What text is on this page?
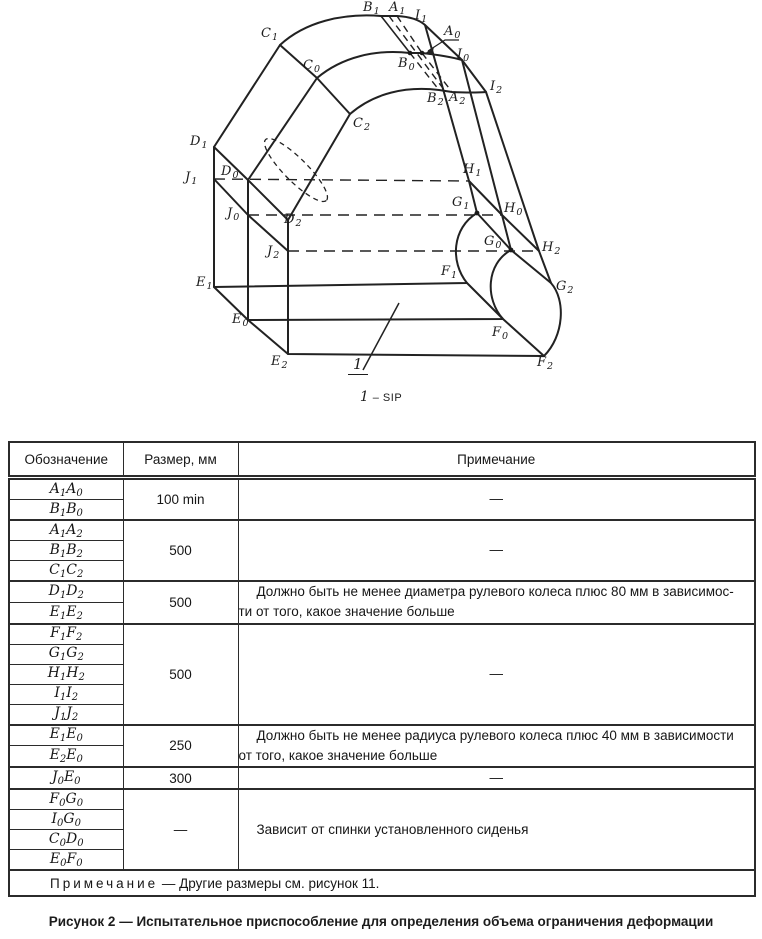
$B_1$ $A_1$ $I_1$
$A_0$
$C_1$
$I_0$
$B_0$
$C_0$
$I_2$
$B_2$ $A_2$
$C_2$
$D_1$
$H_1$
$D_0$
$J_1$
$G_1$	$H_0$
$J_0$	$D_2$
$G_0$	$H_2$
$J_2$
$F_1$
$E_1$	$G_2$
$E_0$
$F_0$
$E_2$	$F_2$
1
1 – SIP
Обозначение	Размер, мм	Примечание
$A_1A_0$	100 min	—
$B_1B_0$
$A_1A_2$	500	—
$B_1B_2$
$C_1C_2$
$D_1D_2$	500	Должно быть не менее диаметра рулевого колеса плюс 80 мм в зависимос-
ти от того, какое значение больше
$E_1E_2$
$F_1F_2$	500	—
$G_1G_2$
$H_1H_2$
$I_1I_2$
$J_1J_2$
$E_1E_0$	250	Должно быть не менее радиуса рулевого колеса плюс 40 мм в зависимости
от того, какое значение больше
$E_2E_0$
$J_0E_0$	300	—
$F_0G_0$	—	Зависит от спинки установленного сиденья
$I_0G_0$
$C_0D_0$
$E_0F_0$
Примечание — Другие размеры см. рисунок 11.		
Рисунок 2 — Испытательное приспособление для определения объема ограничения деформации
